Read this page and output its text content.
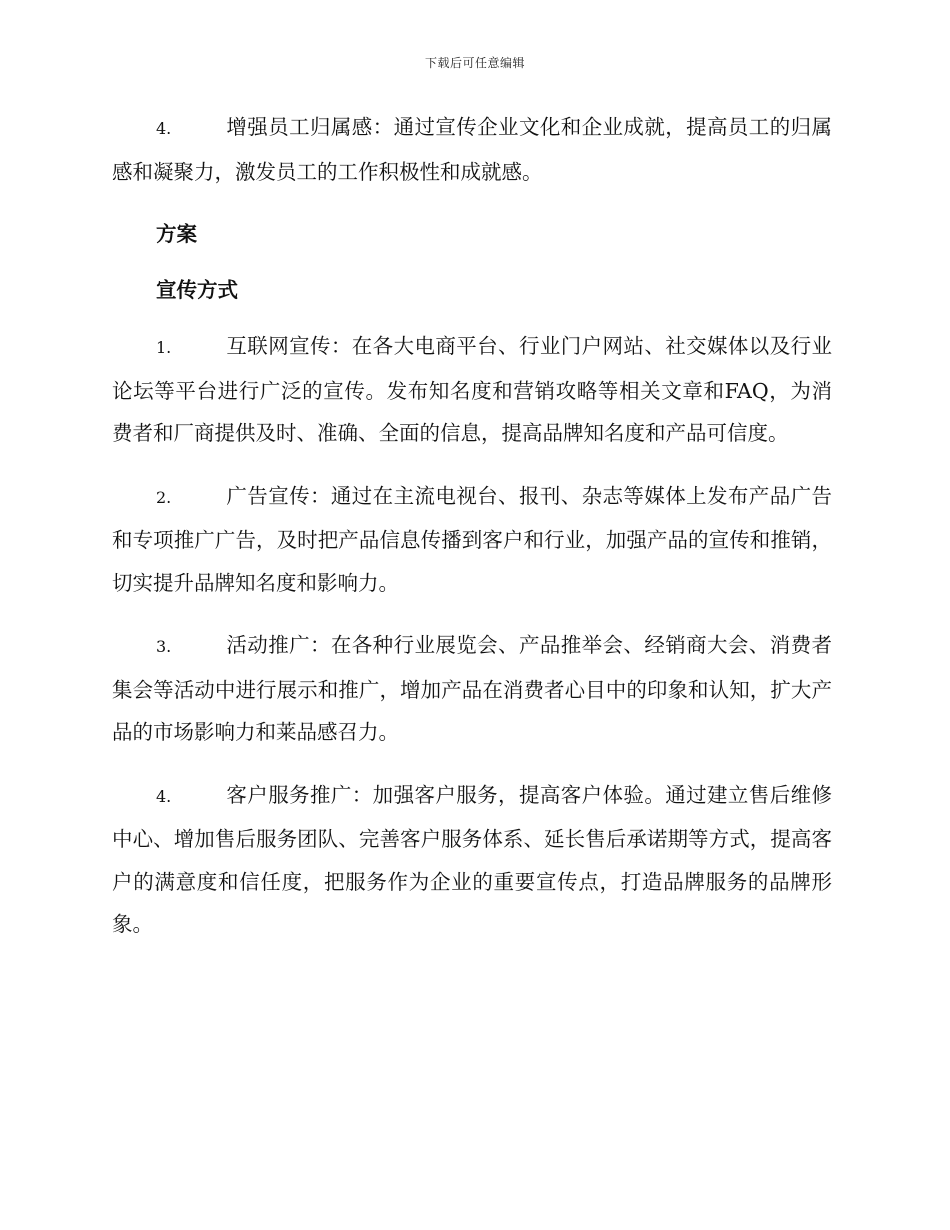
下载后可任意编辑

4.	增强员工归属感：通过宣传企业文化和企业成就，提高员工的归属感和凝聚力，激发员工的工作积极性和成就感。

方案
宣传方式

1.	互联网宣传：在各大电商平台、行业门户网站、社交媒体以及行业论坛等平台进行广泛的宣传。发布知名度和营销攻略等相关文章和FAQ，为消费者和厂商提供及时、准确、全面的信息，提高品牌知名度和产品可信度。

2.	广告宣传：通过在主流电视台、报刊、杂志等媒体上发布产品广告和专项推广广告，及时把产品信息传播到客户和行业，加强产品的宣传和推销，切实提升品牌知名度和影响力。

3.	活动推广：在各种行业展览会、产品推举会、经销商大会、消费者集会等活动中进行展示和推广，增加产品在消费者心目中的印象和认知，扩大产品的市场影响力和莱品感召力。

4.	客户服务推广：加强客户服务，提高客户体验。通过建立售后维修中心、增加售后服务团队、完善客户服务体系、延长售后承诺期等方式，提高客户的满意度和信任度，把服务作为企业的重要宣传点，打造品牌服务的品牌形象。
